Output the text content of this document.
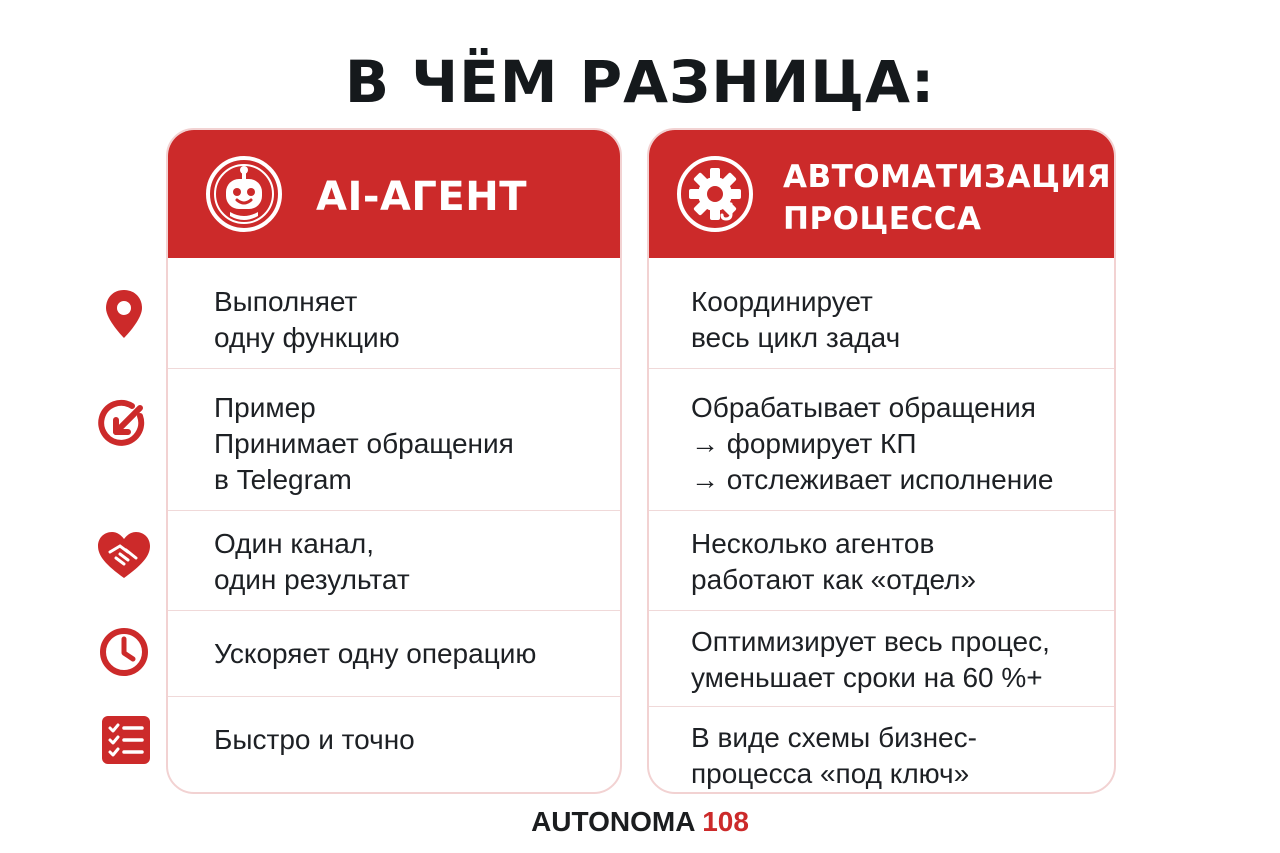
В ЧЁМ РАЗНИЦА:
AI-АГЕНТ
Выполняет
одну функцию
Пример
Принимает обращения
в Telegram
Один канал,
один результат
Ускоряет одну операцию
Быстро и точно
АВТОМАТИЗАЦИЯ
ПРОЦЕССА
Координирует
весь цикл задач
Обрабатывает обращения
→ формирует КП
→ отслеживает исполнение
Несколько агентов
работают как «отдел»
Оптимизирует весь процес,
уменьшает сроки на 60 %+
В виде схемы бизнес-
процесса «под ключ»
AUTONOMA 108
